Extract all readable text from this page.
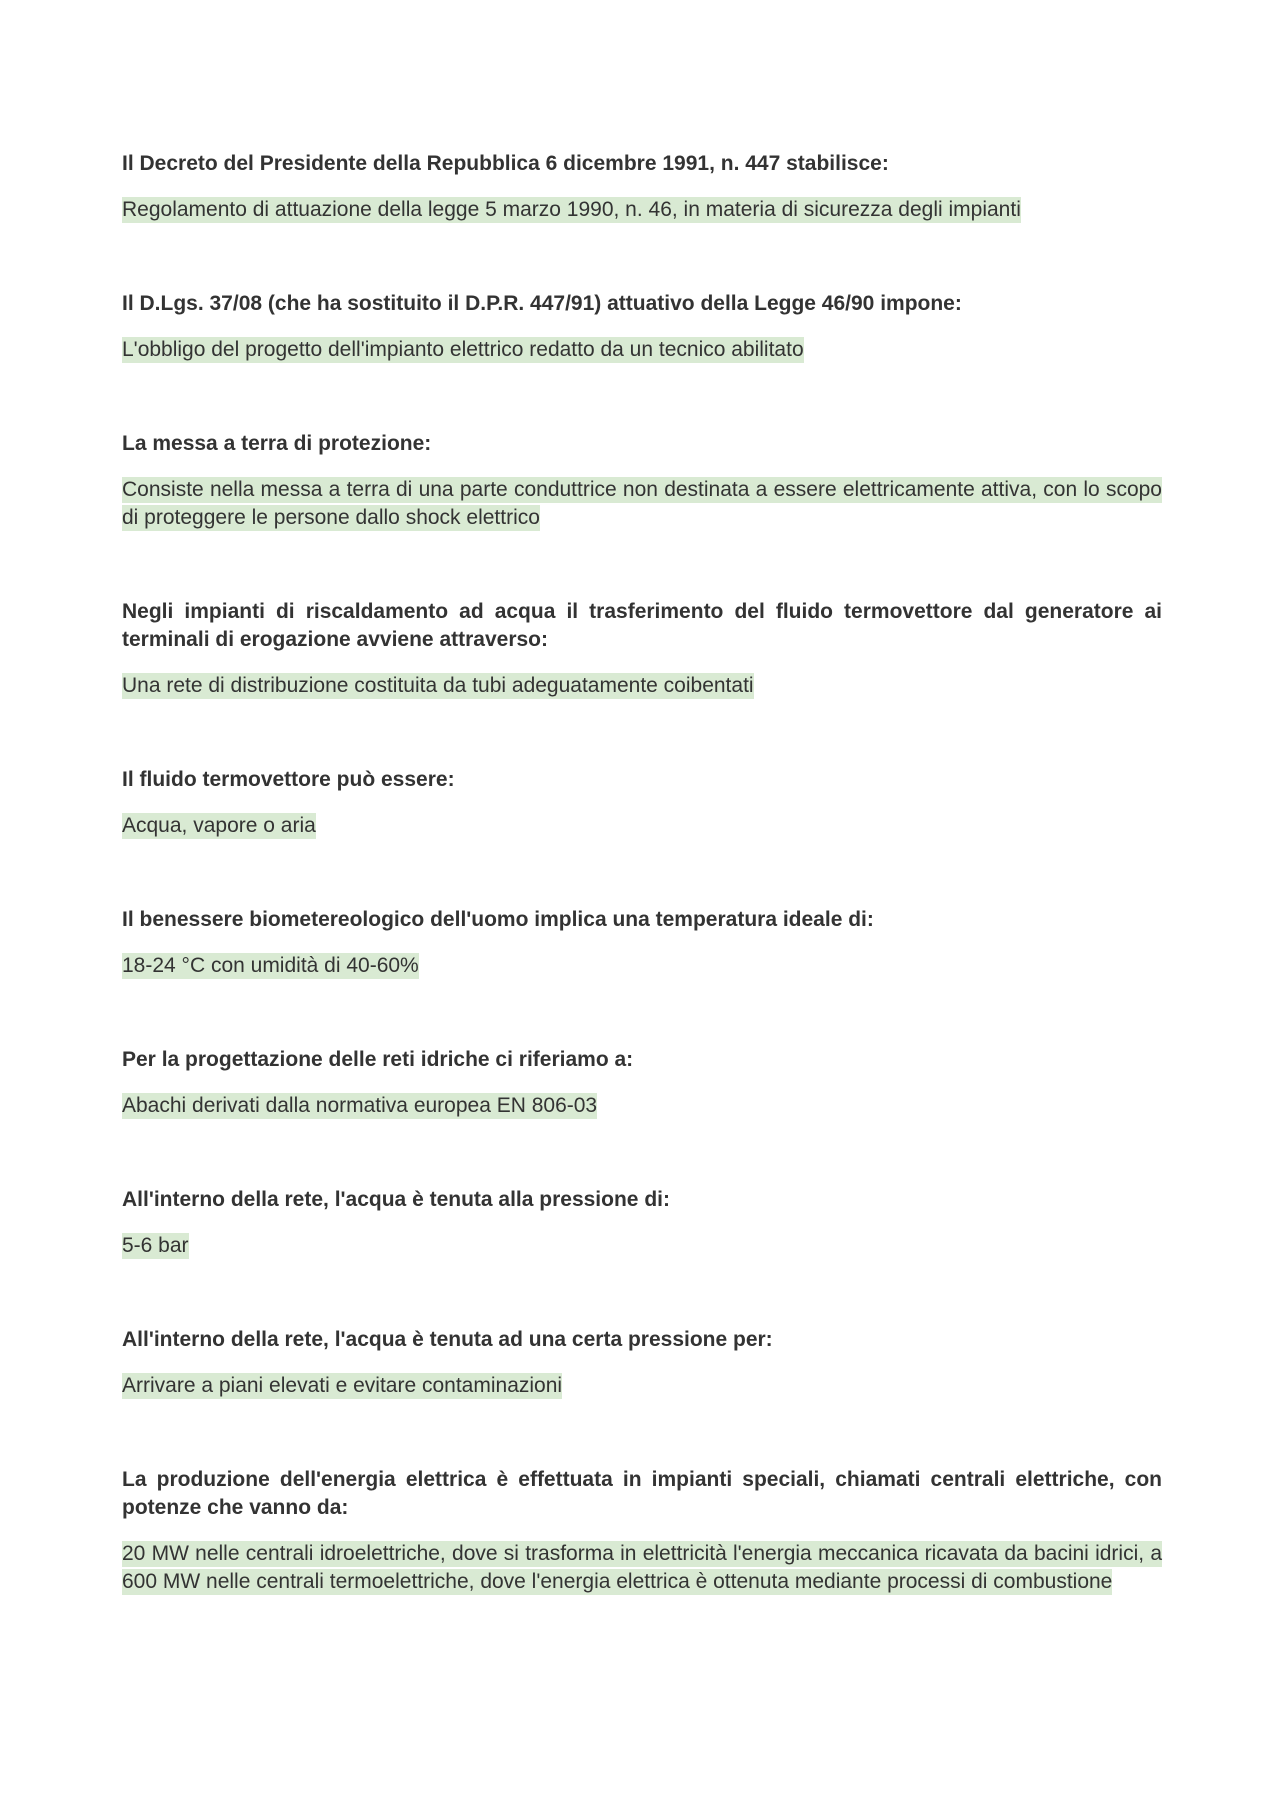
Il Decreto del Presidente della Repubblica 6 dicembre 1991, n. 447 stabilisce:

Regolamento di attuazione della legge 5 marzo 1990, n. 46, in materia di sicurezza degli impianti

Il D.Lgs. 37/08 (che ha sostituito il D.P.R. 447/91) attuativo della Legge 46/90 impone:

L'obbligo del progetto dell'impianto elettrico redatto da un tecnico abilitato

La messa a terra di protezione:

Consiste nella messa a terra di una parte conduttrice non destinata a essere elettricamente attiva, con lo scopo di proteggere le persone dallo shock elettrico

Negli impianti di riscaldamento ad acqua il trasferimento del fluido termovettore dal generatore ai terminali di erogazione avviene attraverso:

Una rete di distribuzione costituita da tubi adeguatamente coibentati

Il fluido termovettore può essere:

Acqua, vapore o aria

Il benessere biometereologico dell'uomo implica una temperatura ideale di:

18-24 °C con umidità di 40-60%

Per la progettazione delle reti idriche ci riferiamo a:

Abachi derivati dalla normativa europea EN 806-03

All'interno della rete, l'acqua è tenuta alla pressione di:

5-6 bar

All'interno della rete, l'acqua è tenuta ad una certa pressione per:

Arrivare a piani elevati e evitare contaminazioni

La produzione dell'energia elettrica è effettuata in impianti speciali, chiamati centrali elettriche, con potenze che vanno da:

20 MW nelle centrali idroelettriche, dove si trasforma in elettricità l'energia meccanica ricavata da bacini idrici, a 600 MW nelle centrali termoelettriche, dove l'energia elettrica è ottenuta mediante processi di combustione
